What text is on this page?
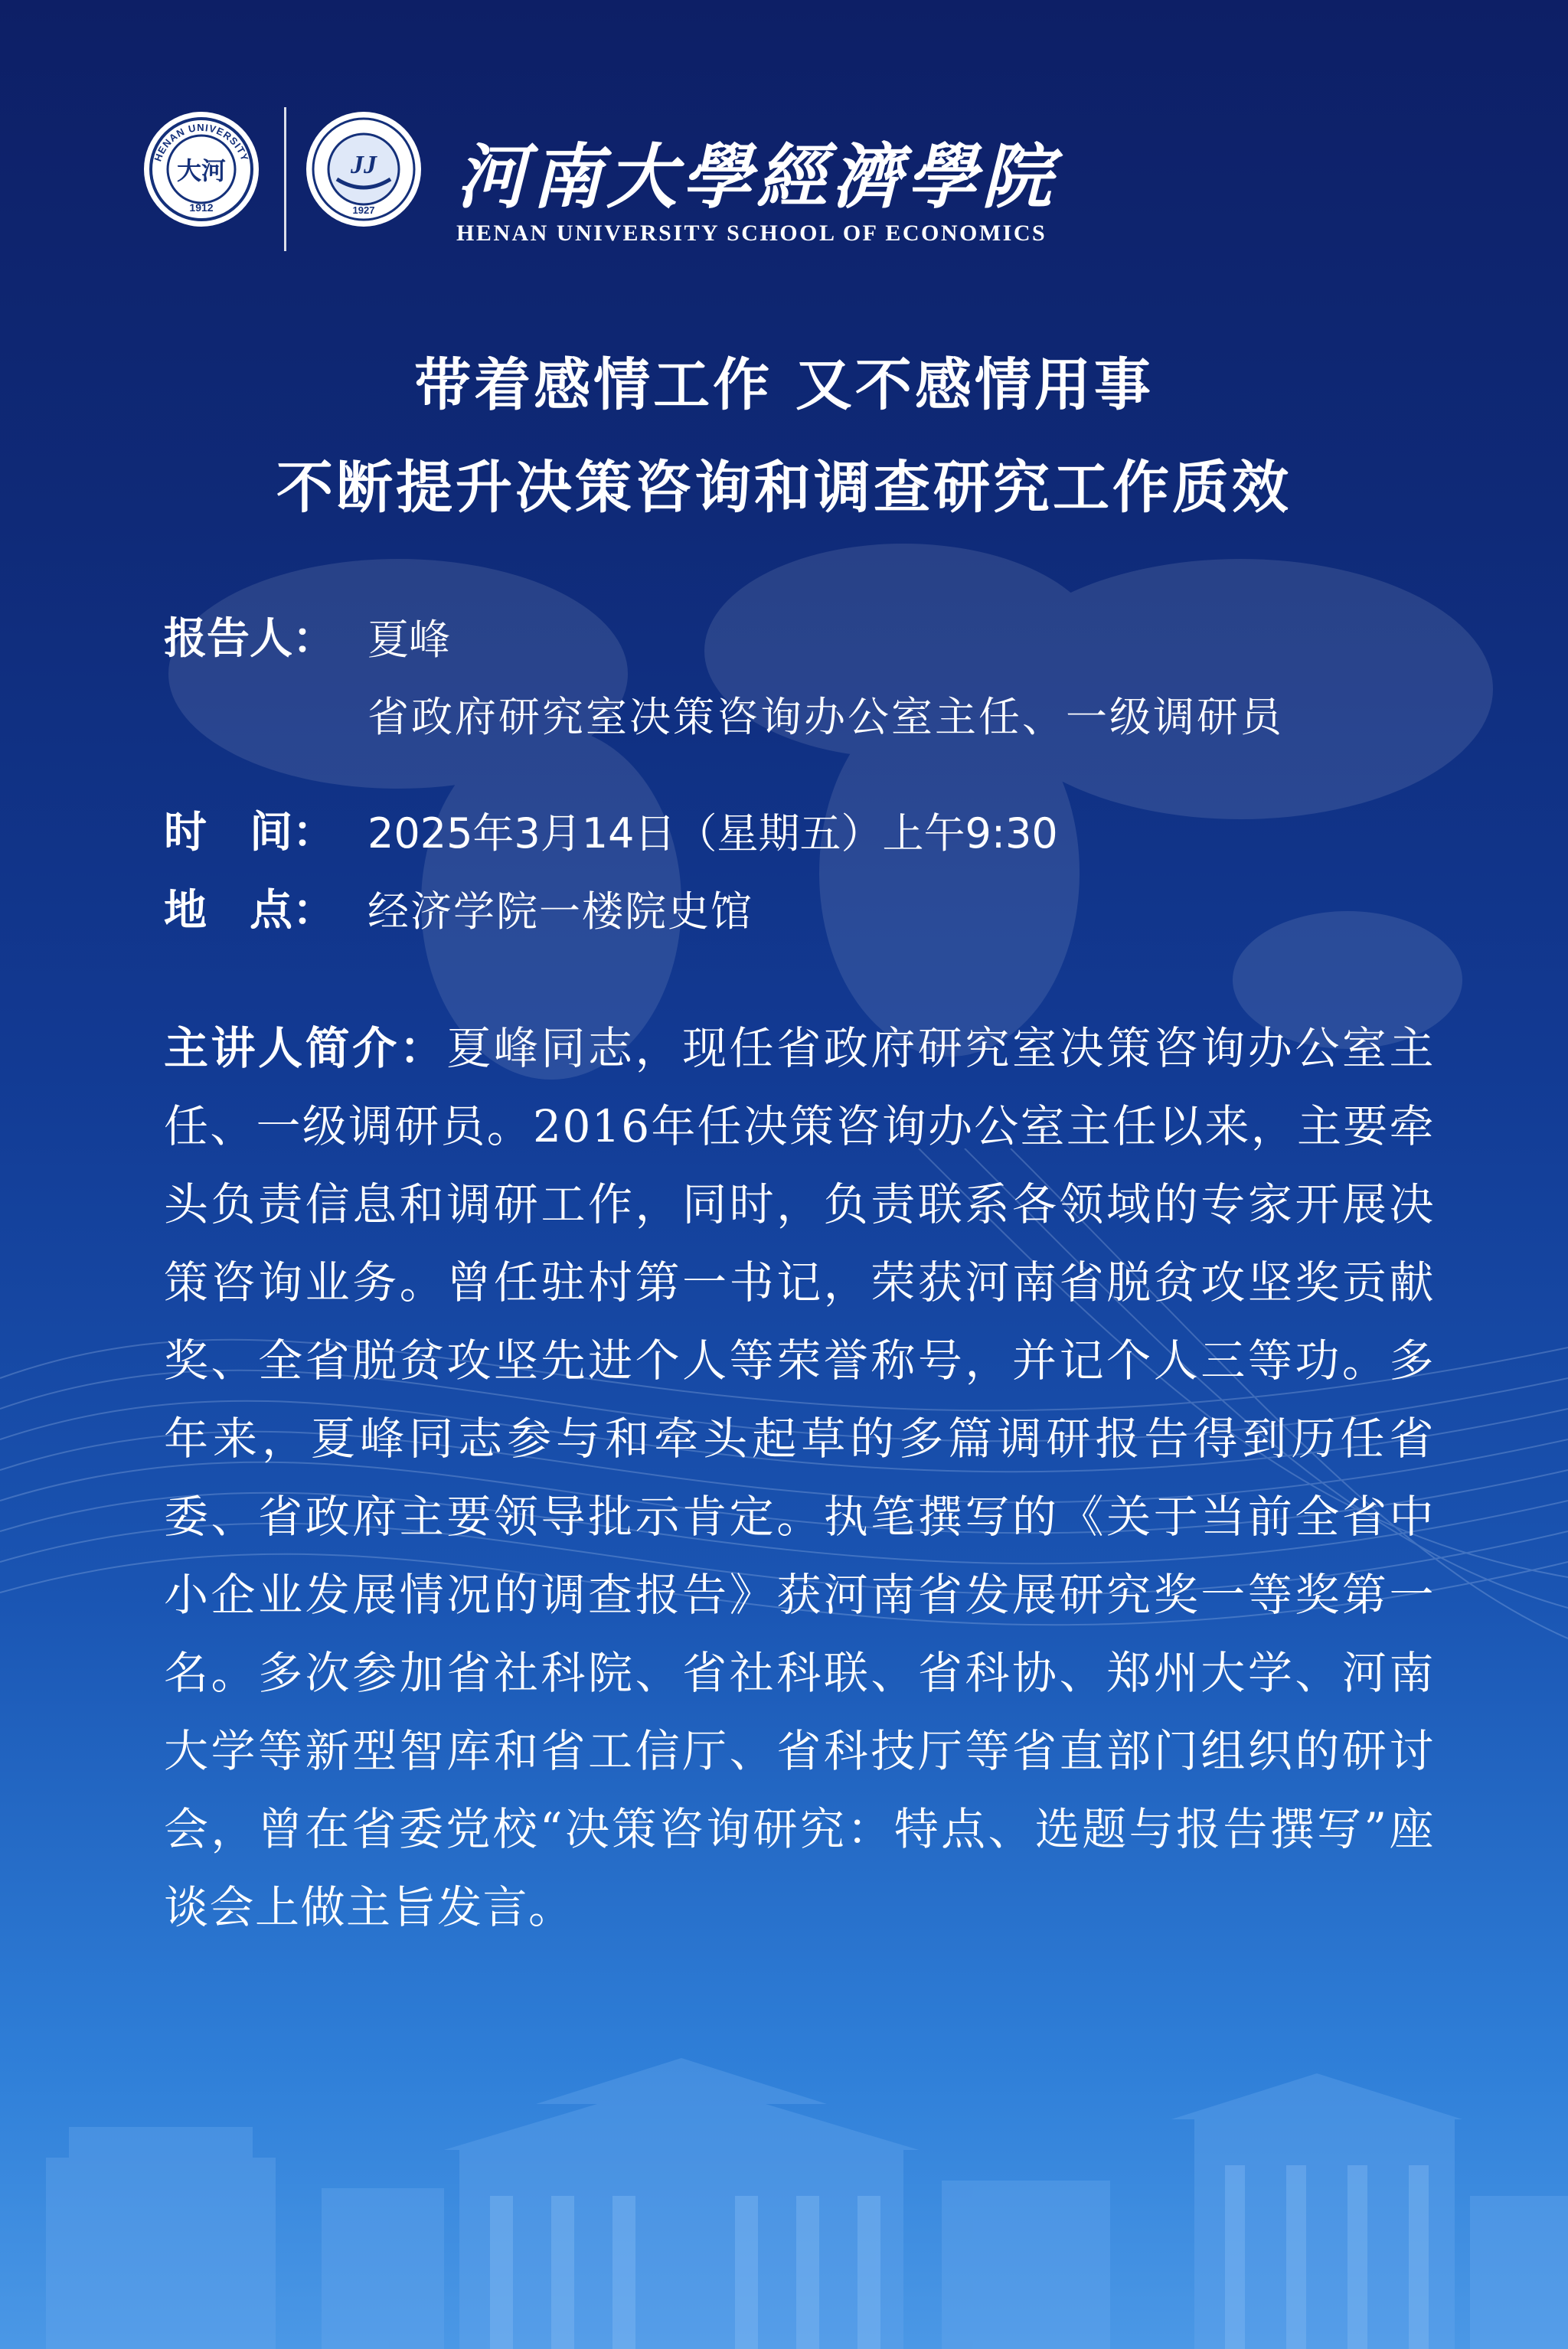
HENAN UNIVERSITY
大河
1912
JJ
1927 河南大學經濟學院
HENAN UNIVERSITY SCHOOL OF ECONOMICS
带着感情工作 又不感情用事
不断提升决策咨询和调查研究工作质效
报告人： 夏峰
省政府研究室决策咨询办公室主任、一级调研员
时　间： 2025年3月14日（星期五）上午9:30
地　点： 经济学院一楼院史馆
主讲人简介：夏峰同志，现任省政府研究室决策咨询办公室主任、一级调研员。2016年任决策咨询办公室主任以来，主要牵头负责信息和调研工作，同时，负责联系各领域的专家开展决策咨询业务。曾任驻村第一书记，荣获河南省脱贫攻坚奖贡献奖、全省脱贫攻坚先进个人等荣誉称号，并记个人三等功。多年来，夏峰同志参与和牵头起草的多篇调研报告得到历任省委、省政府主要领导批示肯定。执笔撰写的《关于当前全省中小企业发展情况的调查报告》获河南省发展研究奖一等奖第一名。多次参加省社科院、省社科联、省科协、郑州大学、河南大学等新型智库和省工信厅、省科技厅等省直部门组织的研讨会，曾在省委党校“决策咨询研究：特点、选题与报告撰写”座谈会上做主旨发言。
